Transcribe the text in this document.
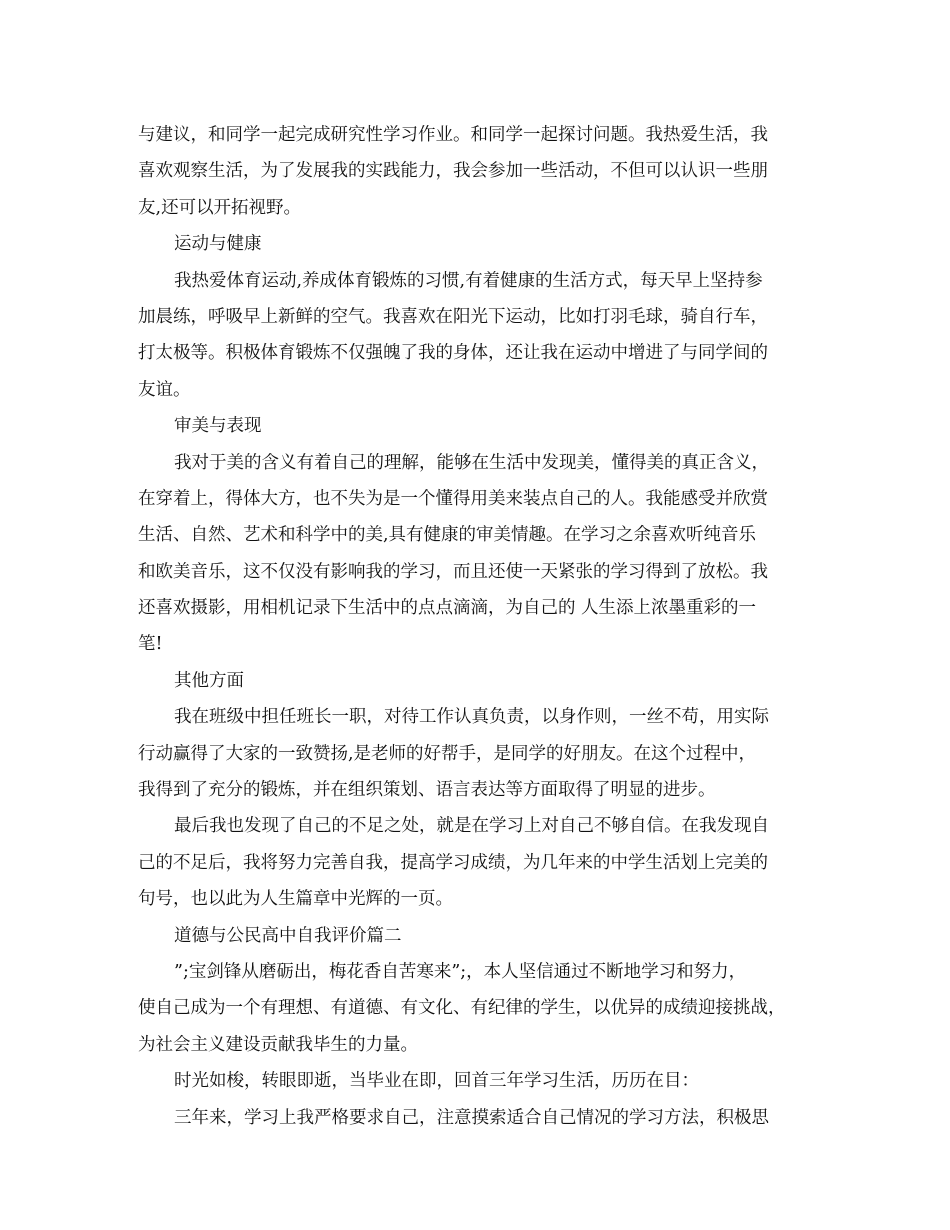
与建议，和同学一起完成研究性学习作业。和同学一起探讨问题。我热爱生活，我
喜欢观察生活，为了发展我的实践能力，我会参加一些活动，不但可以认识一些朋
友,还可以开拓视野。
运动与健康
我热爱体育运动,养成体育锻炼的习惯,有着健康的生活方式，每天早上坚持参
加晨练，呼吸早上新鲜的空气。我喜欢在阳光下运动，比如打羽毛球，骑自行车，
打太极等。积极体育锻炼不仅强魄了我的身体，还让我在运动中增进了与同学间的
友谊。
审美与表现
我对于美的含义有着自己的理解，能够在生活中发现美，懂得美的真正含义，
在穿着上，得体大方，也不失为是一个懂得用美来装点自己的人。我能感受并欣赏
生活、自然、艺术和科学中的美,具有健康的审美情趣。在学习之余喜欢听纯音乐
和欧美音乐，这不仅没有影响我的学习，而且还使一天紧张的学习得到了放松。我
还喜欢摄影，用相机记录下生活中的点点滴滴，为自己的 人生添上浓墨重彩的一
笔!
其他方面
我在班级中担任班长一职，对待工作认真负责，以身作则，一丝不苟，用实际
行动赢得了大家的一致赞扬,是老师的好帮手，是同学的好朋友。在这个过程中，
我得到了充分的锻炼，并在组织策划、语言表达等方面取得了明显的进步。
最后我也发现了自己的不足之处，就是在学习上对自己不够自信。在我发现自
己的不足后，我将努力完善自我，提高学习成绩，为几年来的中学生活划上完美的
句号，也以此为人生篇章中光辉的一页。
道德与公民高中自我评价篇二
”;宝剑锋从磨砺出，梅花香自苦寒来”;，本人坚信通过不断地学习和努力，
使自己成为一个有理想、有道德、有文化、有纪律的学生，以优异的成绩迎接挑战，
为社会主义建设贡献我毕生的力量。
时光如梭，转眼即逝，当毕业在即，回首三年学习生活，历历在目：
三年来，学习上我严格要求自己，注意摸索适合自己情况的学习方法，积极思
